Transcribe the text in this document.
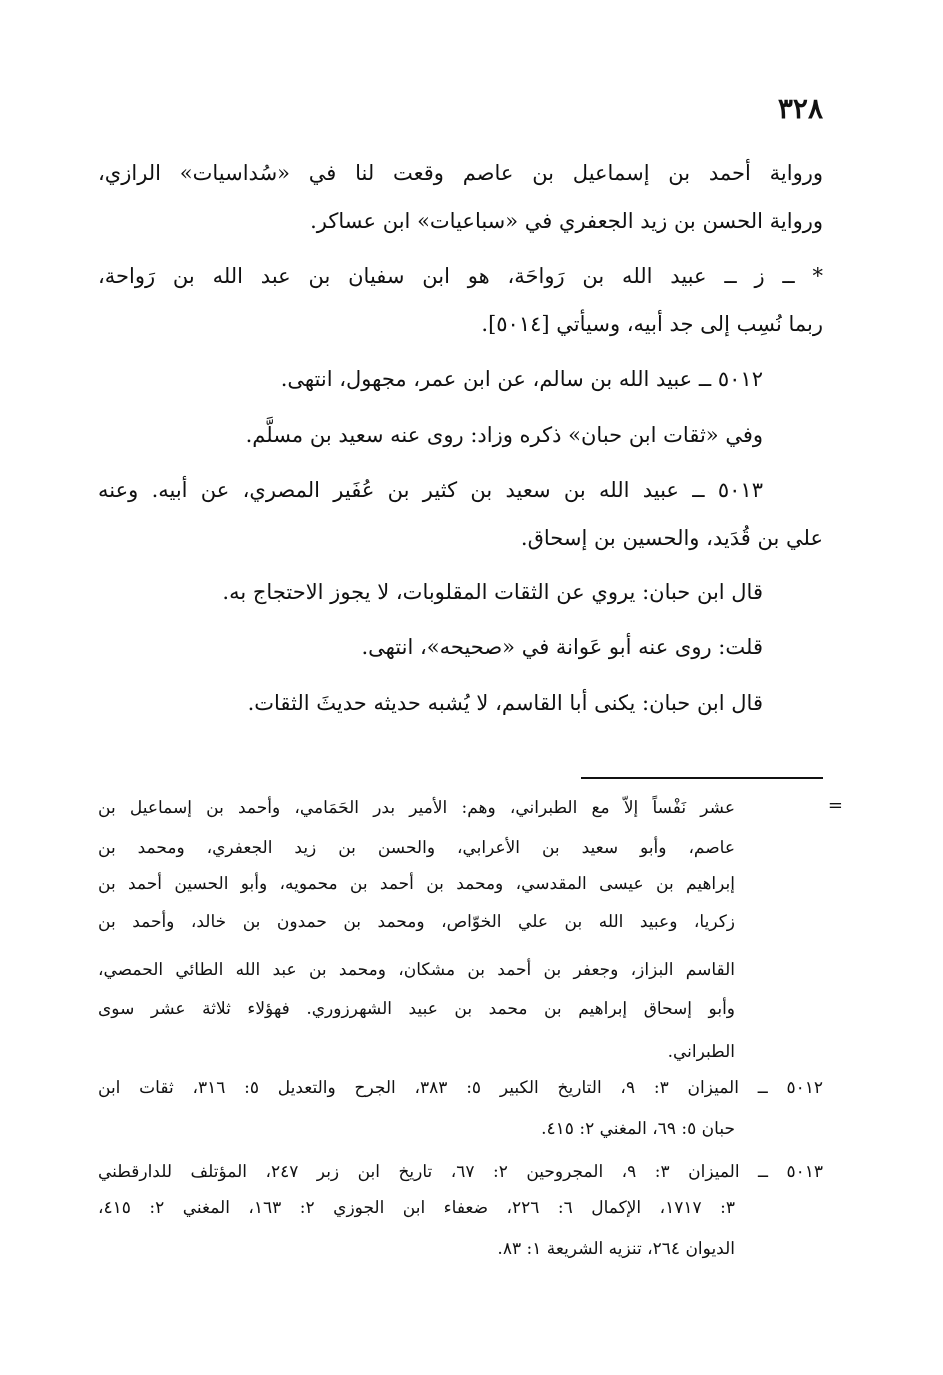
٣٢٨
ورواية أحمد بن إسماعيل بن عاصم وقعت لنا في «سُداسيات» الرازي،
ورواية الحسن بن زيد الجعفري في «سباعيات» ابن عساكر.
* ــ ز ــ عبيد الله بن رَواحَة، هو ابن سفيان بن عبد الله بن رَواحة،
ربما نُسِب إلى جد أبيه، وسيأتي [٥٠١٤].
٥٠١٢ ــ عبيد الله بن سالم، عن ابن عمر، مجهول، انتهى.
وفي «ثقات ابن حبان» ذكره وزاد: روى عنه سعيد بن مسلَّم.
٥٠١٣ ــ عبيد الله بن سعيد بن كثير بن عُفَير المصري، عن أبيه. وعنه
علي بن قُدَيد، والحسين بن إسحاق.
قال ابن حبان: يروي عن الثقات المقلوبات، لا يجوز الاحتجاج به.
قلت: روى عنه أبو عَوانة في «صحيحه»، انتهى.
قال ابن حبان: يكنى أبا القاسم، لا يُشبه حديثه حديثَ الثقات.
=
عشر نَفْساً إلاّ مع الطبراني، وهم: الأمير بدر الحَمَامي، وأحمد بن إسماعيل بن
عاصم، وأبو سعيد بن الأعرابي، والحسن بن زيد الجعفري، ومحمد بن
إبراهيم بن عيسى المقدسي، ومحمد بن أحمد بن محمويه، وأبو الحسين أحمد بن
زكريا، وعبيد الله بن علي الخوّاص، ومحمد بن حمدون بن خالد، وأحمد بن
القاسم البزاز، وجعفر بن أحمد بن مشكان، ومحمد بن عبد الله الطائي الحمصي،
وأبو إسحاق إبراهيم بن محمد بن عبيد الشهرزوري. فهؤلاء ثلاثة عشر سوى
الطبراني.
٥٠١٢ ــ الميزان ٣: ٩، التاريخ الكبير ٥: ٣٨٣، الجرح والتعديل ٥: ٣١٦، ثقات ابن
حبان ٥: ٦٩، المغني ٢: ٤١٥.
٥٠١٣ ــ الميزان ٣: ٩، المجروحين ٢: ٦٧، تاريخ ابن زبر ٢٤٧، المؤتلف للدارقطني
٣: ١٧١٧، الإكمال ٦: ٢٢٦، ضعفاء ابن الجوزي ٢: ١٦٣، المغني ٢: ٤١٥،
الديوان ٢٦٤، تنزيه الشريعة ١: ٨٣.
